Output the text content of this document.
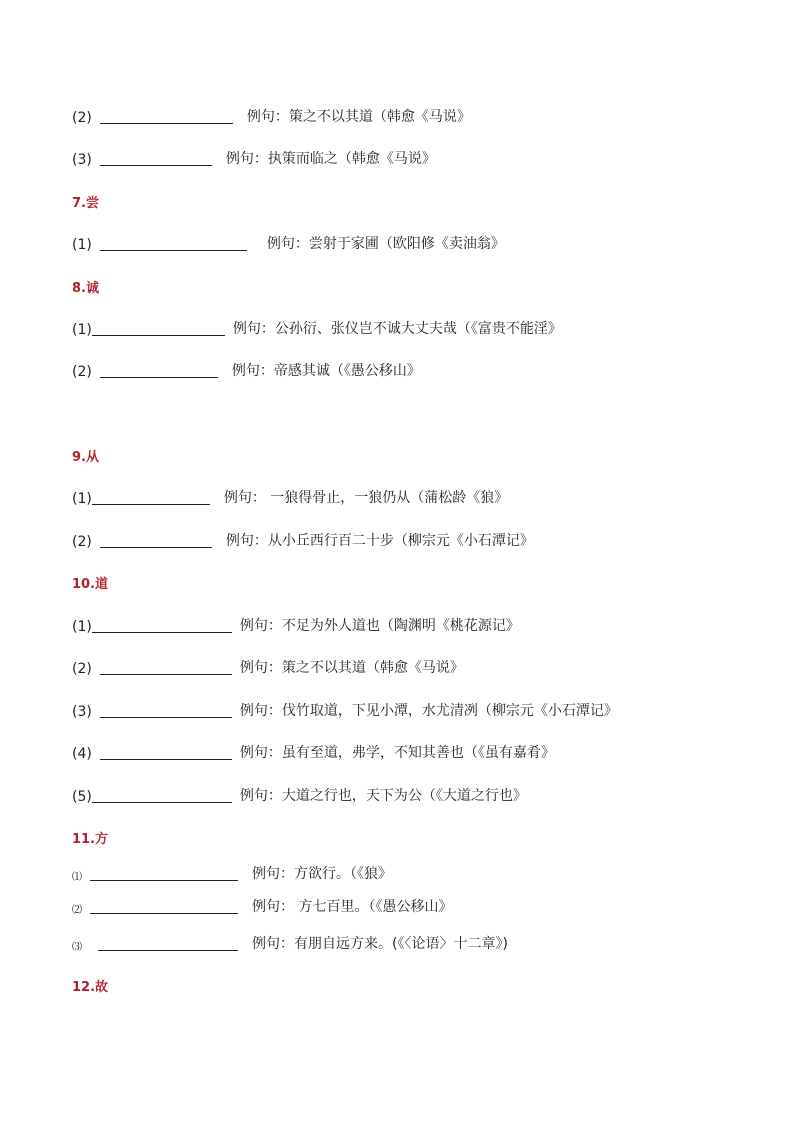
(2)	例句：策之不以其道（韩愈《马说》
(3)	例句：执策而临之（韩愈《马说》
7.尝
(1)	例句：尝射于家圃（欧阳修《卖油翁》
8.诚
(1)	例句：公孙衍、张仪岂不诚大丈夫哉（《富贵不能淫》
(2)	例句：帝感其诚（《愚公移山》
9.从
(1)	例句： 一狼得骨止，一狼仍从（蒲松龄《狼》
(2)	例句：从小丘西行百二十步（柳宗元《小石潭记》
10.道
(1)	例句：不足为外人道也（陶渊明《桃花源记》
(2)	例句：策之不以其道（韩愈《马说》
(3)	例句：伐竹取道，下见小潭，水尤清冽（柳宗元《小石潭记》
(4)	例句：虽有至道，弗学，不知其善也（《虽有嘉肴》
(5)	例句：大道之行也，天下为公（《大道之行也》
11.方
⑴	例句：方欲行。（《狼》
⑵	例句： 方七百里。（《愚公移山》
⑶	例句：有朋自远方来。(《〈论语〉十二章》)
12.故
